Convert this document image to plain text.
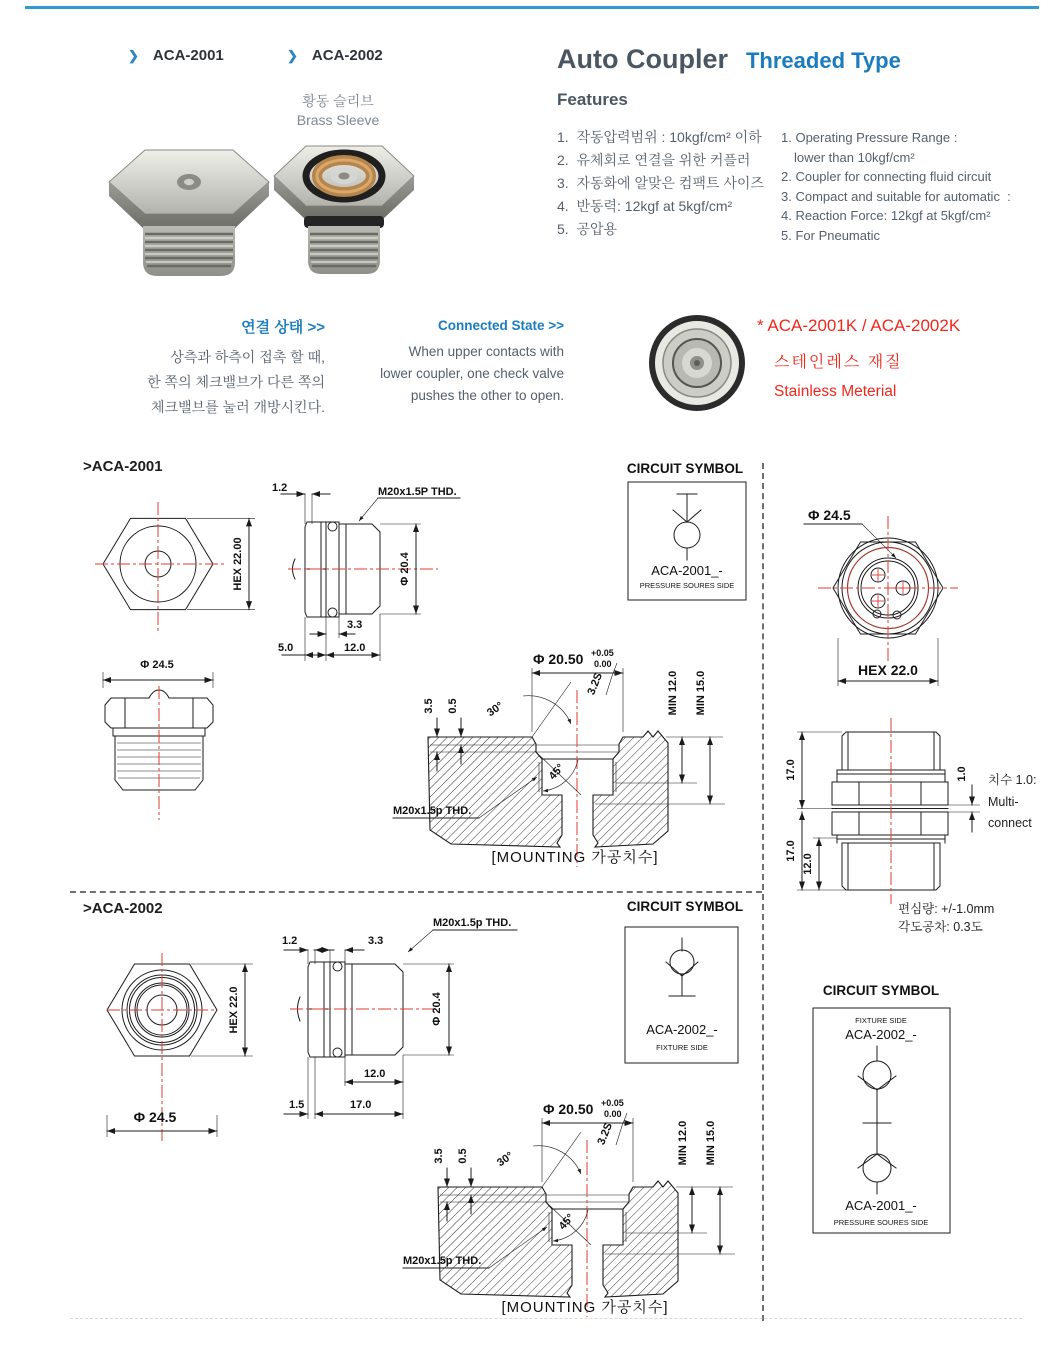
❯ ACA-2001	❯ ACA-2002
황동 슬리브
Brass Sleeve
Auto Coupler Threaded Type
Features
1.  작동압력범위 : 10kgf/cm² 이하
2.  유체회로 연결을 위한 커플러
3.  자동화에 알맞은 컴팩트 사이즈
4.  반동력: 12kgf at 5kgf/cm²
5.  공압용
1. Operating Pressure Range :
lower than 10kgf/cm²
2. Coupler for connecting fluid circuit
3. Compact and suitable for automatic  :
4. Reaction Force: 12kgf at 5kgf/cm²
5. For Pneumatic
연결 상태 >>
상측과 하측이 접촉 할 때,
한 쪽의 체크밸브가 다른 쪽의
체크밸브를 눌러 개방시킨다.
Connected State >>
When upper contacts with
lower coupler, one check valve
pushes the other to open.
* ACA-2001K / ACA-2002K
스테인레스 재질
Stainless Meterial
>ACA-2001
>ACA-2002
HEX 22.00
Φ 24.5
1.2	M20x1.5P THD.
Φ 20.4
3.3
5.0	12.0
CIRCUIT SYMBOL
ACA-2001_-
PRESSURE SOURES SIDE
Φ 20.50 +0.05
0.00
3.2S	MIN 12.0 MIN 15.0
3.5 0.5 30°
45°
M20x1.5p THD.
[MOUNTING 가공치수]
Φ 24.5
HEX 22.0
17.0
17.0
12.0
1.0 치수 1.0:
Multi-
connect
편심량: +/-1.0mm
각도공차: 0.3도
CIRCUIT SYMBOL
FIXTURE SIDE
ACA-2002_-
ACA-2001_-
PRESSURE SOURES SIDE
HEX 22.0
Φ 24.5
1.2	3.3
M20x1.5p THD.
Φ 20.4
12.0
1.5	17.0
CIRCUIT SYMBOL
ACA-2002_-
FIXTURE SIDE
Φ 20.50 +0.05
0.00
3.2S	MIN 12.0 MIN 15.0
3.5 0.5 30°
45°
M20x1.5p THD.
[MOUNTING 가공치수]
